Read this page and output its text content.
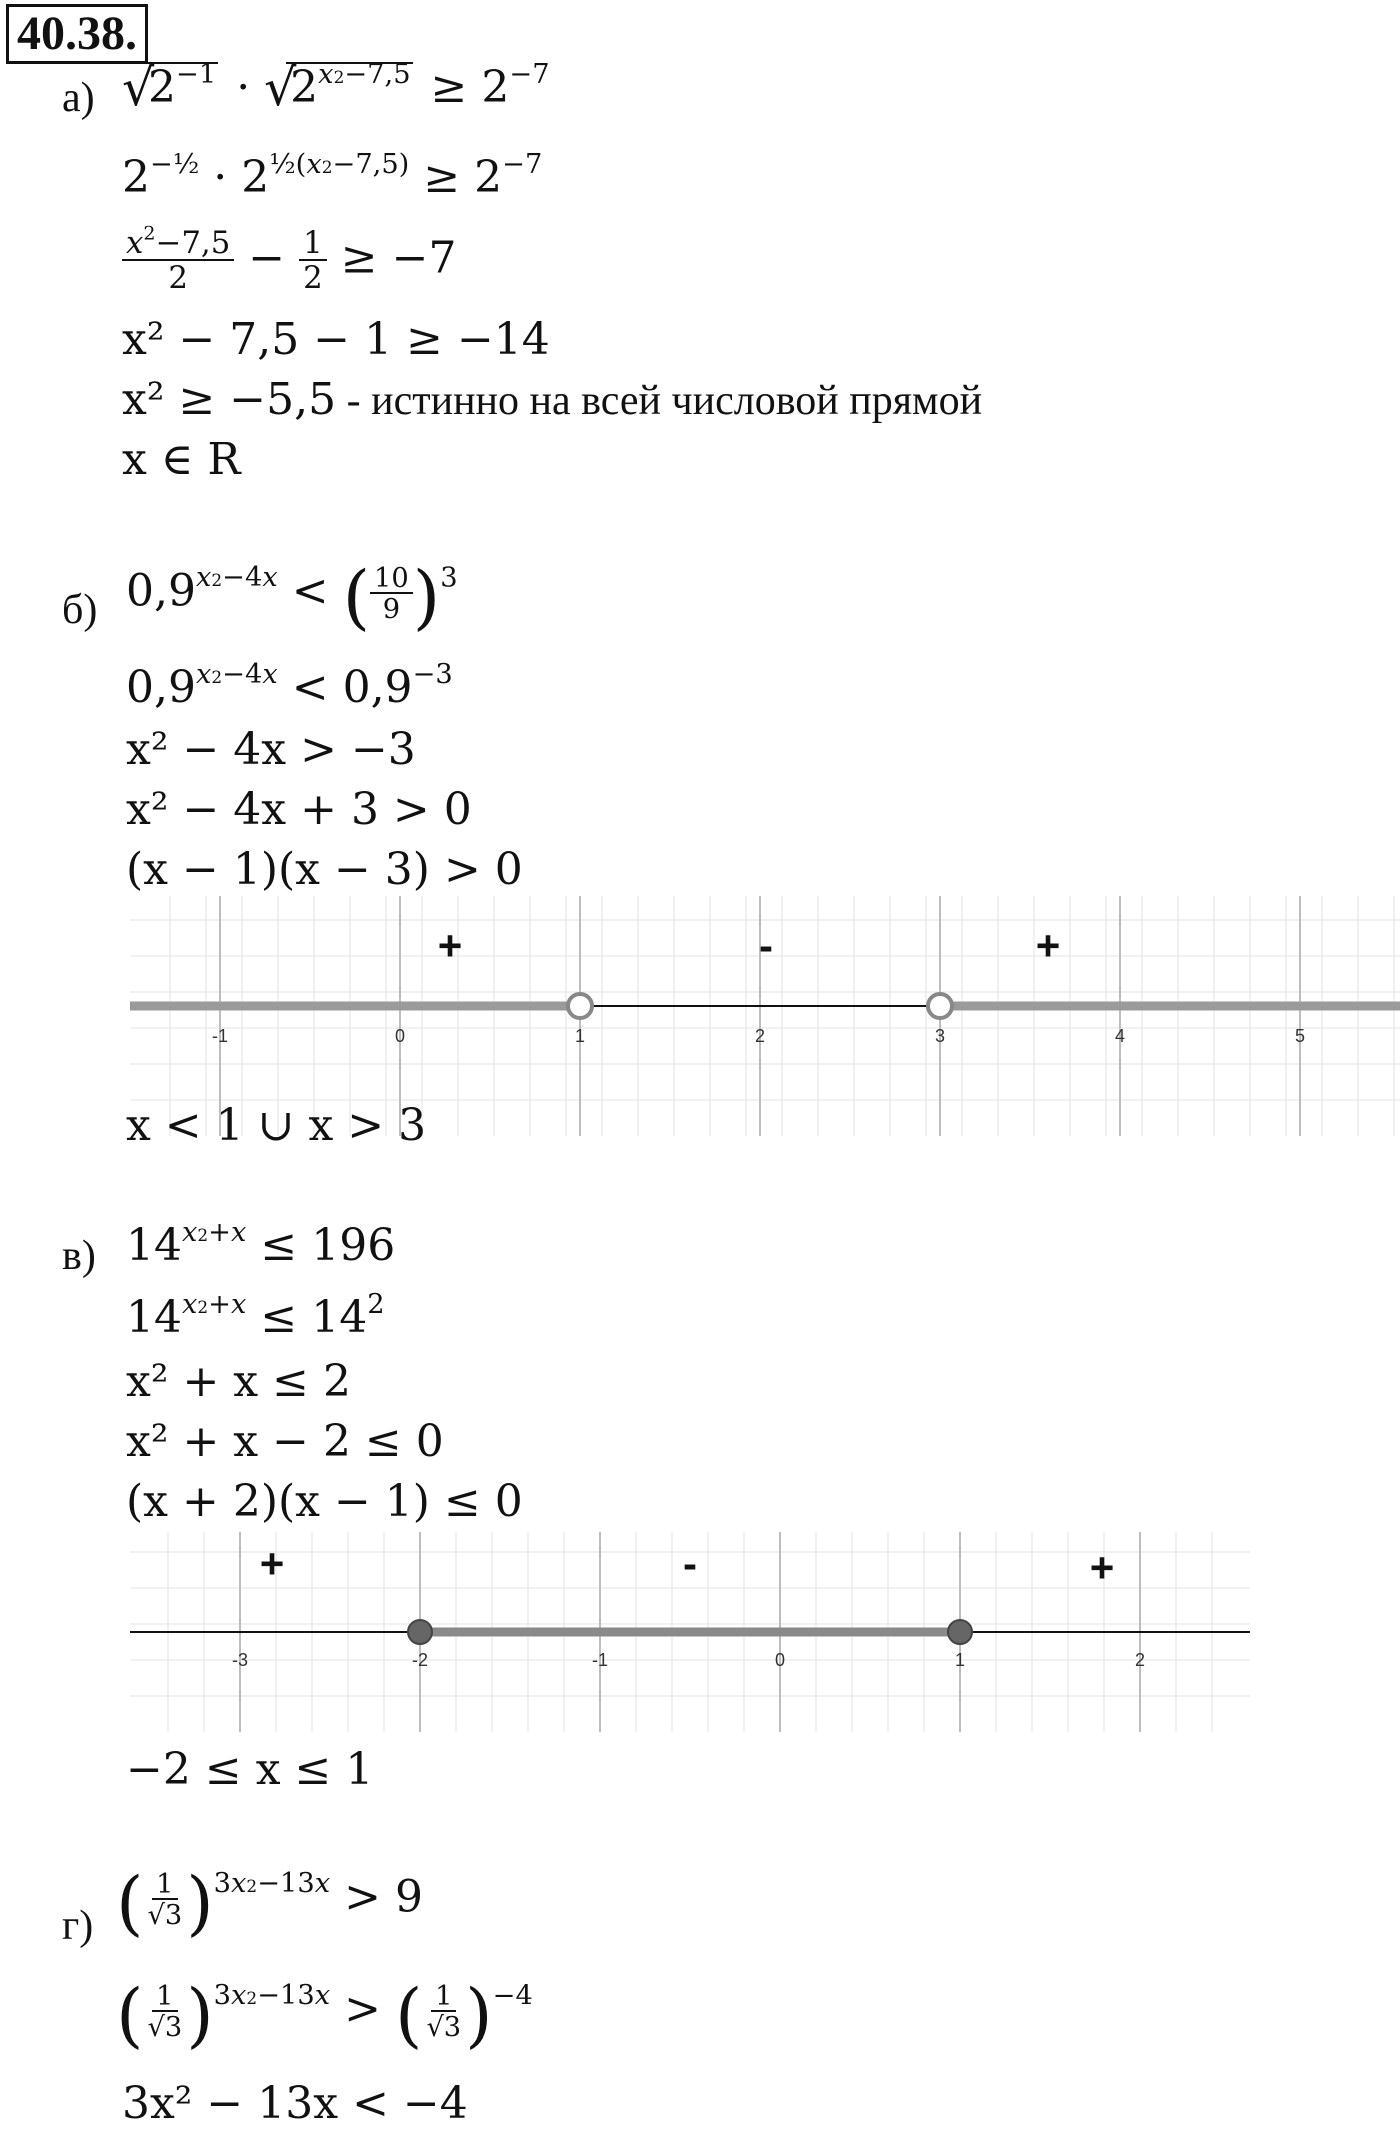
40.38.
а) √
$2^{-1}$ · √
$2^{x2-7,5} \ge 2^{-7}$
$2^{-\frac{1}{2}} \cdot 2^{\frac{1}{2}(x2-7,5)} \ge 2^{-7}$
$\frac{x^2-7,5}{2} - \frac{1}{2} \ge -7$
x² − 7,5 − 1 ≥ −14
x² ≥ −5,5 - истинно на всей числовой прямой
x ∈ R
б) $0,9^{x2-4x}$ < ( $\frac{10}{9} )^3$
$0,9^{x2-4x} < 0,9^{-3}$
x² − 4x > −3
x² − 4x + 3 > 0
(x − 1)(x − 3) > 0
-1	0	1	2	3	4	5
+	-	+
x < 1 ∪ x > 3
в) $14^{x2+x} \le 196$
$14^{x2+x} \le 14^2$
x² + x ≤ 2
x² + x − 2 ≤ 0
(x + 2)(x − 1) ≤ 0
-3	-2	-1	0	1	2
+	-	+
−2 ≤ x ≤ 1
г) ( $\frac{1}{√3} )^{3x2-13x} > 9$
( $\frac{1}{√3} )^{3x2-13x}$ > ( $\frac{1}{√3} )^{-4}$
3x² − 13x < −4
